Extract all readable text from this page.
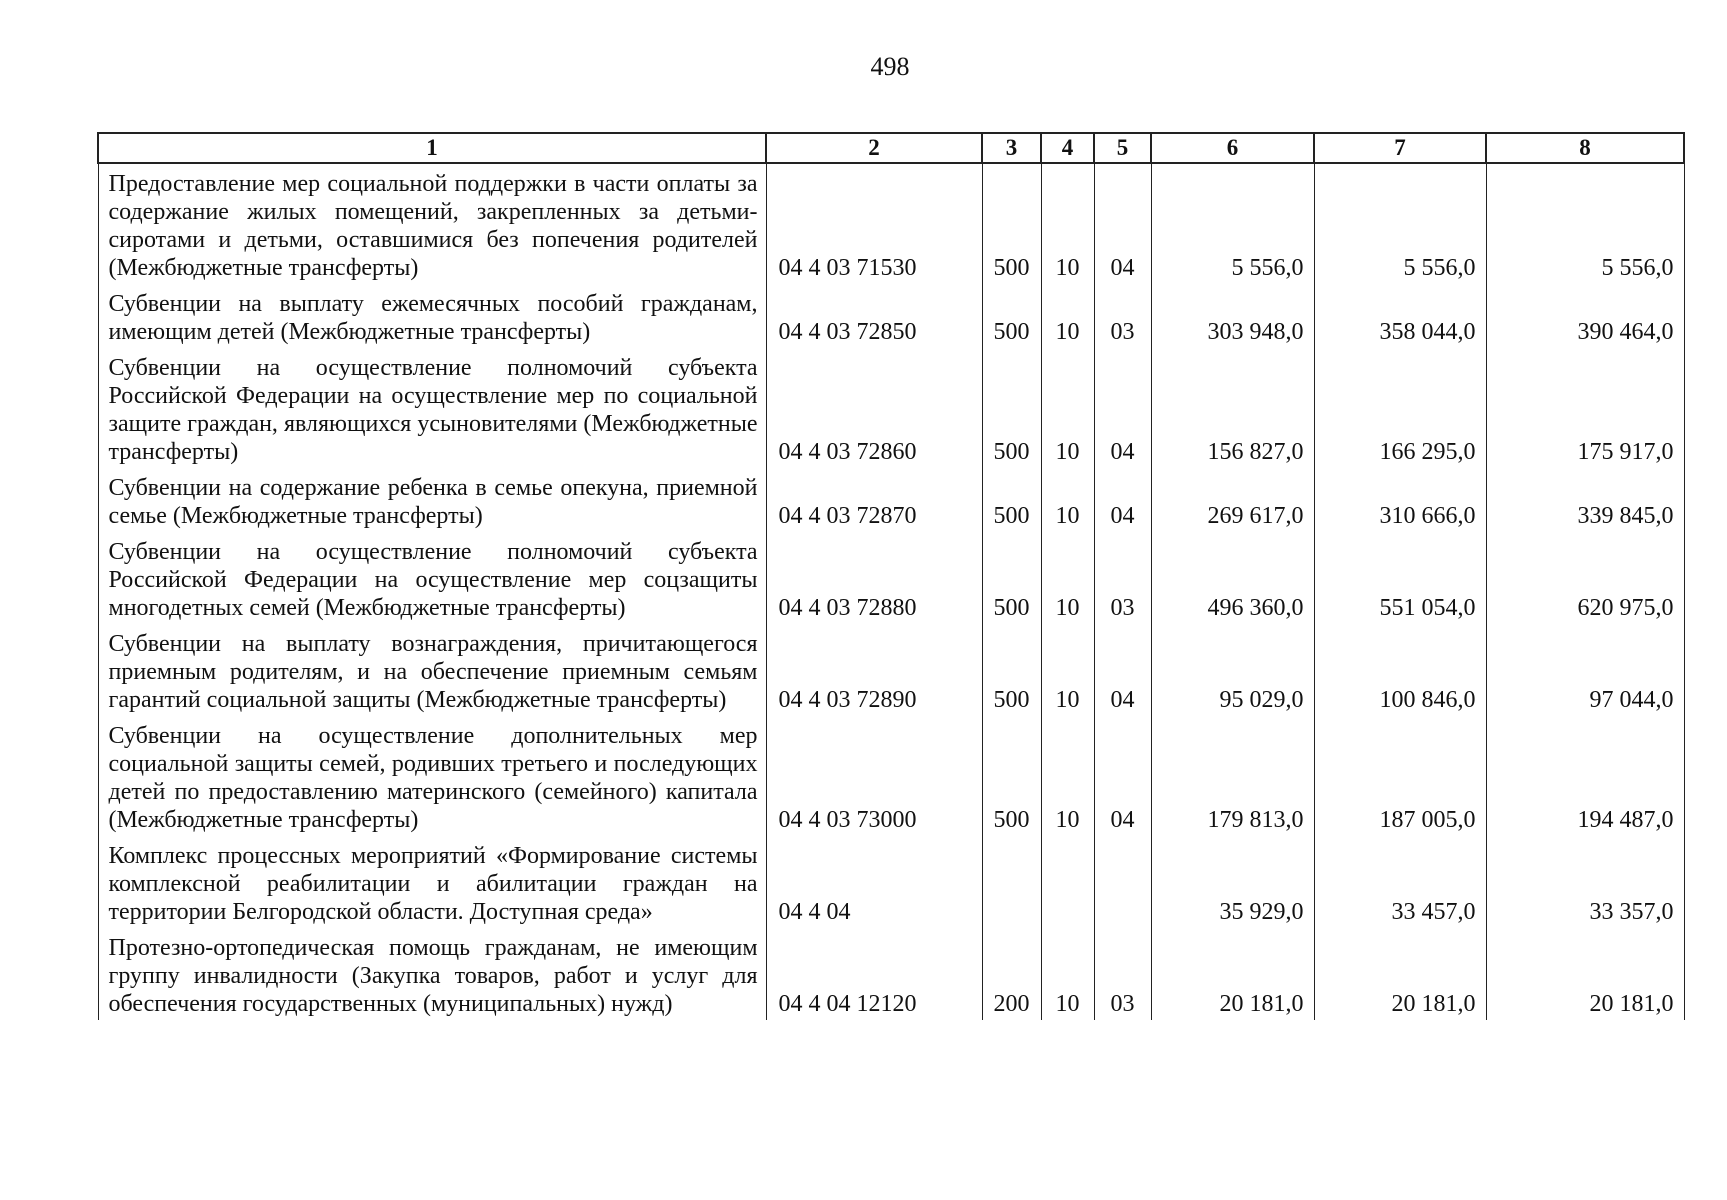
498
1	2	3	4	5	6	7	8
Предоставление мер социальной поддержки в части оплаты за содержание жилых помещений, закрепленных за детьми-сиротами и детьми, оставшимися без попечения родителей (Межбюджетные трансферты)	04 4 03 71530	500	10	04	5 556,0	5 556,0	5 556,0
Субвенции на выплату ежемесячных пособий гражданам, имеющим детей (Межбюджетные трансферты)	04 4 03 72850	500	10	03	303 948,0	358 044,0	390 464,0
Субвенции на осуществление полномочий субъекта Российской Федерации на осуществление мер по социальной защите граждан, являющихся усыновителями (Межбюджетные трансферты)	04 4 03 72860	500	10	04	156 827,0	166 295,0	175 917,0
Субвенции на содержание ребенка в семье опекуна, приемной семье (Межбюджетные трансферты)	04 4 03 72870	500	10	04	269 617,0	310 666,0	339 845,0
Субвенции на осуществление полномочий субъекта Российской Федерации на осуществление мер соцзащиты многодетных семей (Межбюджетные трансферты)	04 4 03 72880	500	10	03	496 360,0	551 054,0	620 975,0
Субвенции на выплату вознаграждения, причитающегося приемным родителям, и на обеспечение приемным семьям гарантий социальной защиты (Межбюджетные трансферты)	04 4 03 72890	500	10	04	95 029,0	100 846,0	97 044,0
Субвенции на осуществление дополнительных мер социальной защиты семей, родивших третьего и последующих детей по предоставлению материнского (семейного) капитала (Межбюджетные трансферты)	04 4 03 73000	500	10	04	179 813,0	187 005,0	194 487,0
Комплекс процессных мероприятий «Формирование системы комплексной реабилитации и абилитации граждан на территории Белгородской области. Доступная среда»	04 4 04				35 929,0	33 457,0	33 357,0
Протезно-ортопедическая помощь гражданам, не имеющим группу инвалидности (Закупка товаров, работ и услуг для обеспечения государственных (муниципальных) нужд)	04 4 04 12120	200	10	03	20 181,0	20 181,0	20 181,0
